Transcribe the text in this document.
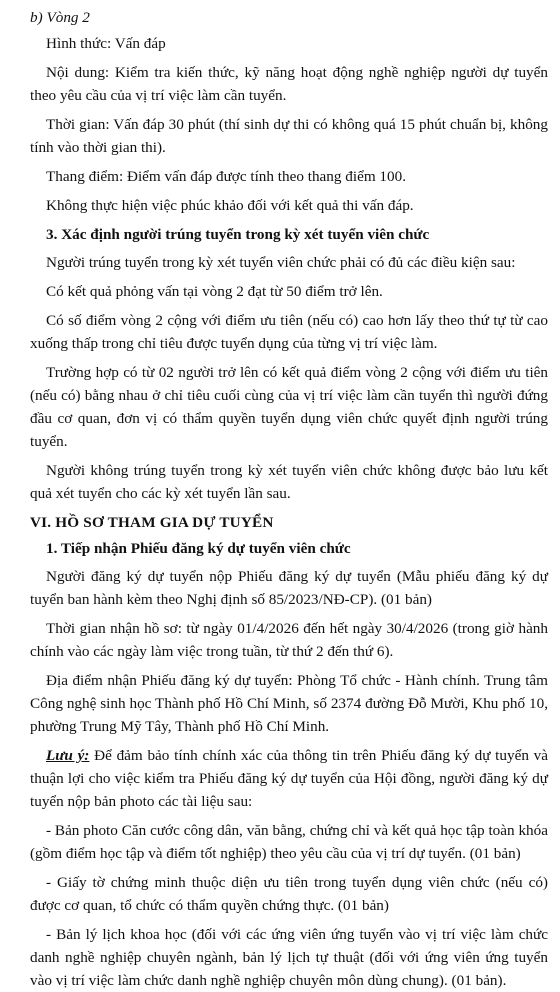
b) Vòng 2

Hình thức: Vấn đáp

Nội dung: Kiểm tra kiến thức, kỹ năng hoạt động nghề nghiệp người dự tuyển theo yêu cầu của vị trí việc làm cần tuyển.

Thời gian: Vấn đáp 30 phút (thí sinh dự thi có không quá 15 phút chuẩn bị, không tính vào thời gian thi).

Thang điểm: Điểm vấn đáp được tính theo thang điểm 100.

Không thực hiện việc phúc khảo đối với kết quả thi vấn đáp.

3. Xác định người trúng tuyển trong kỳ xét tuyển viên chức

Người trúng tuyển trong kỳ xét tuyển viên chức phải có đủ các điều kiện sau:

Có kết quả phỏng vấn tại vòng 2 đạt từ 50 điểm trở lên.

Có số điểm vòng 2 cộng với điểm ưu tiên (nếu có) cao hơn lấy theo thứ tự từ cao xuống thấp trong chỉ tiêu được tuyển dụng của từng vị trí việc làm.

Trường hợp có từ 02 người trở lên có kết quả điểm vòng 2 cộng với điểm ưu tiên (nếu có) bằng nhau ở chỉ tiêu cuối cùng của vị trí việc làm cần tuyển thì người đứng đầu cơ quan, đơn vị có thẩm quyền tuyển dụng viên chức quyết định người trúng tuyển.

Người không trúng tuyển trong kỳ xét tuyển viên chức không được bảo lưu kết quả xét tuyển cho các kỳ xét tuyển lần sau.

VI. HỒ SƠ THAM GIA DỰ TUYỂN

1. Tiếp nhận Phiếu đăng ký dự tuyển viên chức

Người đăng ký dự tuyển nộp Phiếu đăng ký dự tuyển (Mẫu phiếu đăng ký dự tuyển ban hành kèm theo Nghị định số 85/2023/NĐ-CP). (01 bản)

Thời gian nhận hồ sơ: từ ngày 01/4/2026 đến hết ngày 30/4/2026 (trong giờ hành chính vào các ngày làm việc trong tuần, từ thứ 2 đến thứ 6).

Địa điểm nhận Phiếu đăng ký dự tuyển: Phòng Tổ chức - Hành chính. Trung tâm Công nghệ sinh học Thành phố Hồ Chí Minh, số 2374 đường Đỗ Mười, Khu phố 10, phường Trung Mỹ Tây, Thành phố Hồ Chí Minh.

Lưu ý: Để đảm bảo tính chính xác của thông tin trên Phiếu đăng ký dự tuyển và thuận lợi cho việc kiểm tra Phiếu đăng ký dự tuyển của Hội đồng, người đăng ký dự tuyển nộp bản photo các tài liệu sau:

- Bản photo Căn cước công dân, văn bằng, chứng chỉ và kết quả học tập toàn khóa (gồm điểm học tập và điểm tốt nghiệp) theo yêu cầu của vị trí dự tuyển. (01 bản)

- Giấy tờ chứng minh thuộc diện ưu tiên trong tuyển dụng viên chức (nếu có) được cơ quan, tổ chức có thẩm quyền chứng thực. (01 bản)

- Bản lý lịch khoa học (đối với các ứng viên ứng tuyển vào vị trí việc làm chức danh nghề nghiệp chuyên ngành, bản lý lịch tự thuật (đối với ứng viên ứng tuyển vào vị trí việc làm chức danh nghề nghiệp chuyên môn dùng chung). (01 bản).
